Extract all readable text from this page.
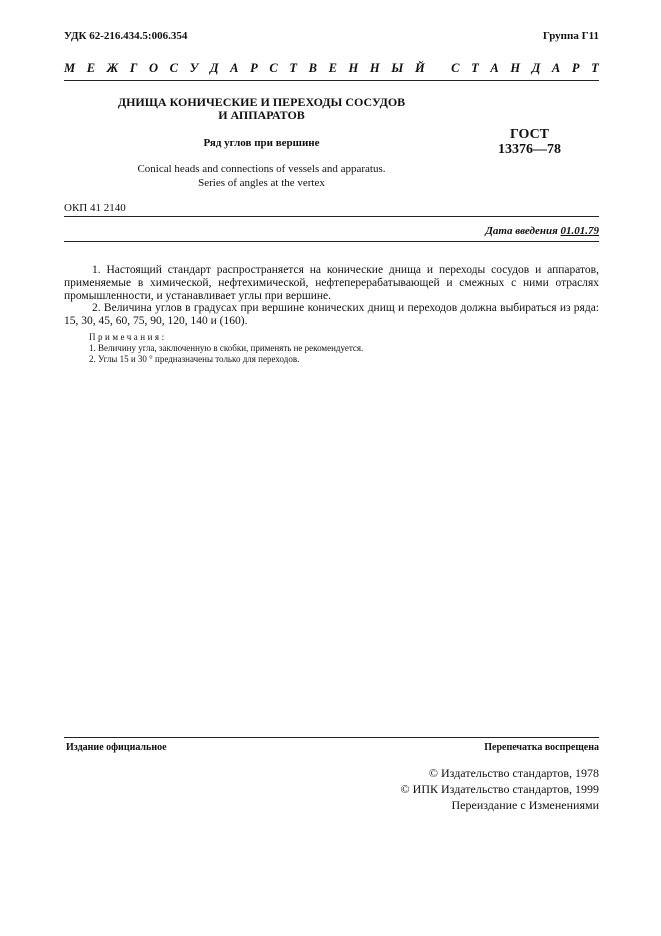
УДК 62-216.434.5:006.354	Группа Г11
М Е Ж Г О С У Д А Р С Т В Е Н Н Ы Й
С Т А Н Д А Р Т
ДНИЩА КОНИЧЕСКИЕ И ПЕРЕХОДЫ СОСУДОВ
И АППАРАТОВ
Ряд углов при вершине
ГОСТ
13376—78
Conical heads and connections of vessels and apparatus.
Series of angles at the vertex
ОКП 41 2140
Дата введения 01.01.79
1. Настоящий стандарт распространяется на конические днища и переходы сосудов и аппаратов, применяемые в химической, нефтехимической, нефтеперерабатывающей и смежных с ними отраслях промышленности, и устанавливает углы при вершине.
2. Величина углов в градусах при вершине конических днищ и переходов должна выбираться из ряда: 15, 30, 45, 60, 75, 90, 120, 140 и (160).
Примечания:
1. Величину угла, заключенную в скобки, применять не рекомендуется.
2. Углы 15 и 30 ° предназначены только для переходов.
Издание официальное	Перепечатка воспрещена
© Издательство стандартов, 1978
© ИПК Издательство стандартов, 1999
Переиздание с Изменениями
